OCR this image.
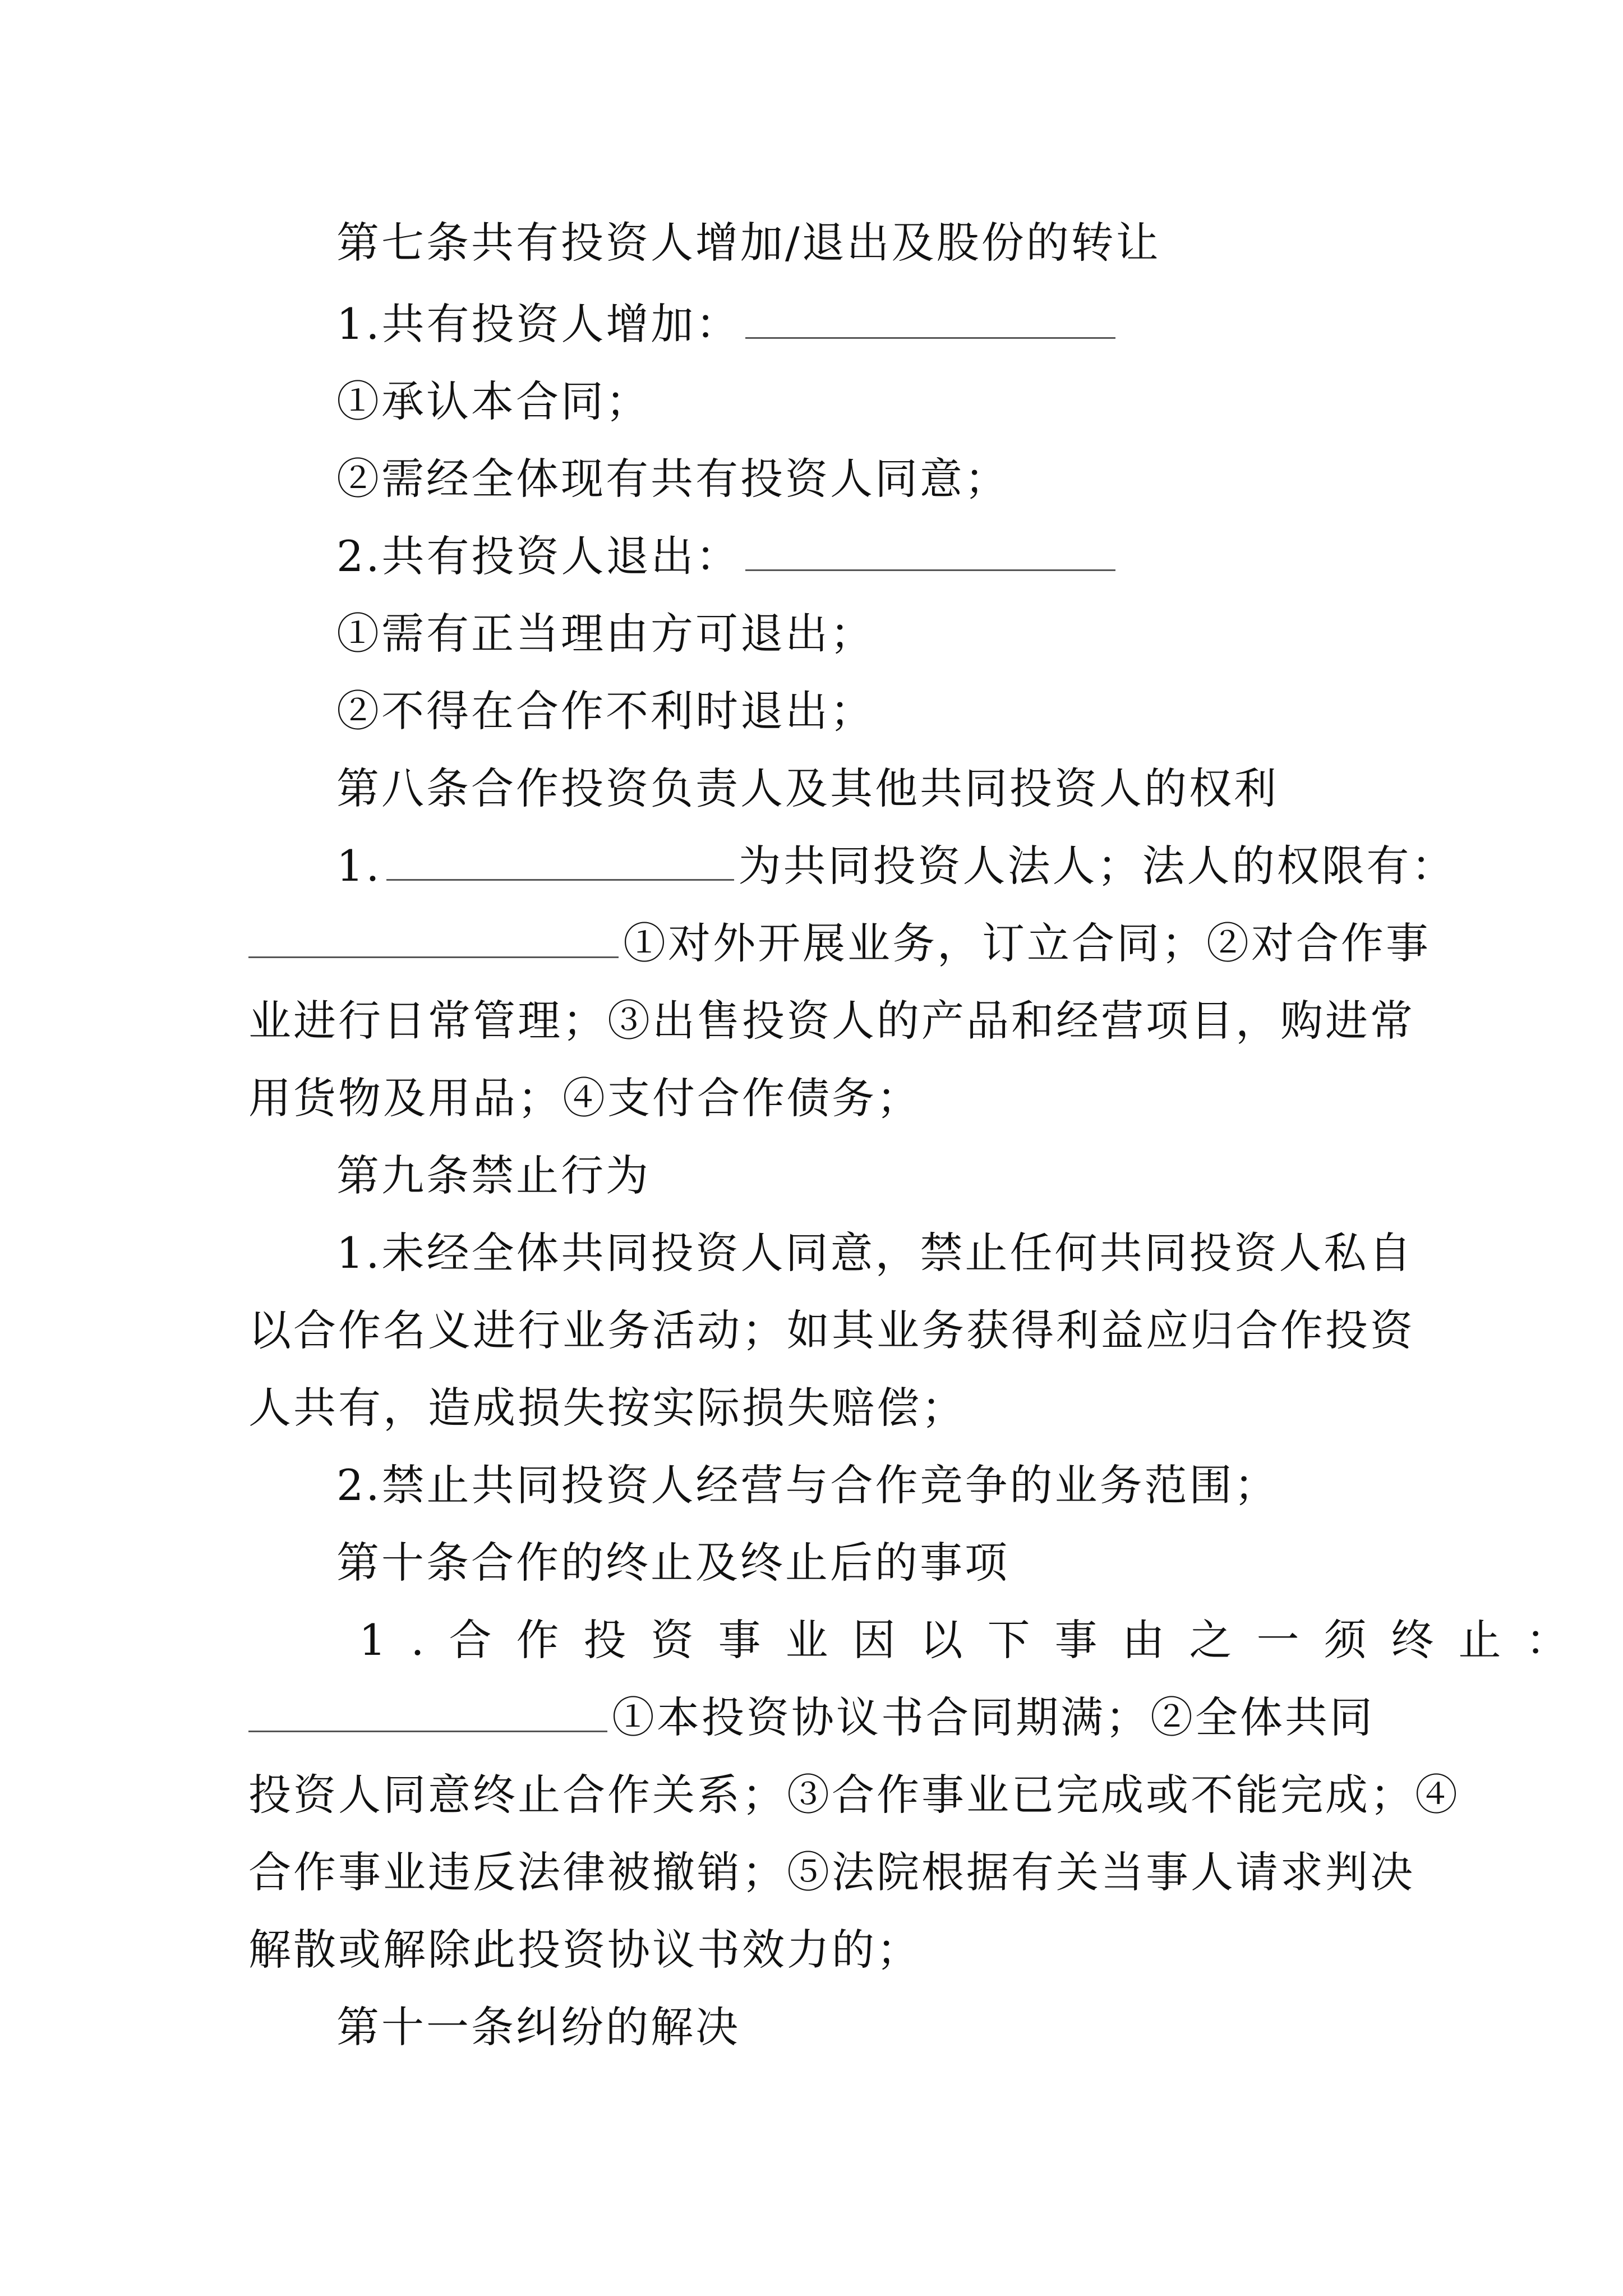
第七条共有投资人增加/退出及股份的转让
1.共有投资人增加：
①承认本合同；
②需经全体现有共有投资人同意；
2.共有投资人退出：
①需有正当理由方可退出；
②不得在合作不利时退出；
第八条合作投资负责人及其他共同投资人的权利
1.	为共同投资人法人；法人的权限有：
①对外开展业务，订立合同；②对合作事
业进行日常管理；③出售投资人的产品和经营项目，购进常
用货物及用品；④支付合作债务；
第九条禁止行为
1.未经全体共同投资人同意，禁止任何共同投资人私自
以合作名义进行业务活动；如其业务获得利益应归合作投资
人共有，造成损失按实际损失赔偿；
2.禁止共同投资人经营与合作竞争的业务范围；
第十条合作的终止及终止后的事项
1.合作投资事业因以下事由之一须终止：
①本投资协议书合同期满；②全体共同
投资人同意终止合作关系；③合作事业已完成或不能完成；④
合作事业违反法律被撤销；⑤法院根据有关当事人请求判决
解散或解除此投资协议书效力的；
第十一条纠纷的解决
